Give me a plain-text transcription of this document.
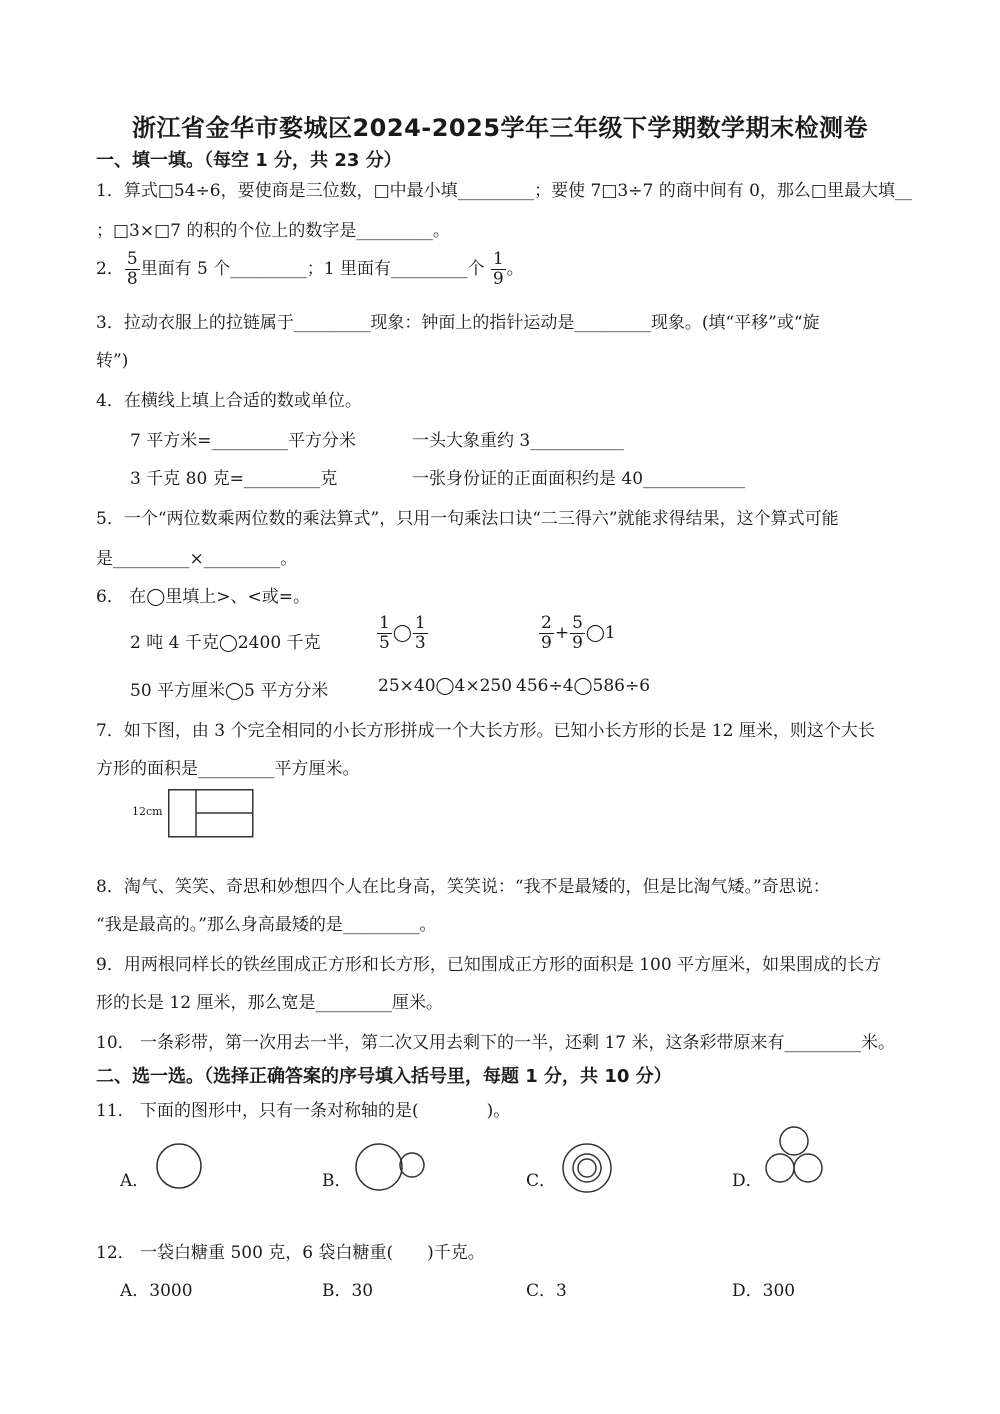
浙江省金华市婺城区2024-2025学年三年级下学期数学期末检测卷
一、填一填。（每空 1 分，共 23 分）
1．算式□54÷6，要使商是三位数，□中最小填_________；要使 7□3÷7 的商中间有 0，那么□里最大填__
；□3×□7 的积的个位上的数字是_________。
2． $\frac{5}{8}$ 里面有 5 个_________；1 里面有_________个 $\frac{1}{9}$ 。
3．拉动衣服上的拉链属于_________现象：钟面上的指针运动是_________现象。(填“平移”或“旋
转”)
4．在横线上填上合适的数或单位。
7 平方米=_________平方分米	一头大象重约 3___________
3 千克 80 克=_________克	一张身份证的正面面积约是 40____________
5．一个“两位数乘两位数的乘法算式”，只用一句乘法口诀“二三得六”就能求得结果，这个算式可能
是_________×_________。
6． 在◯里填上>、<或=。
2 吨 4 千克◯2400 千克	$\frac{1}{5}$ ◯ $\frac{1}{3}$	$\frac{2}{9} + \frac{5}{9}$ ◯1
50 平方厘米◯5 平方分米	25×40◯4×250 456÷4◯586÷6
7．如下图，由 3 个完全相同的小长方形拼成一个大长方形。已知小长方形的长是 12 厘米，则这个大长
方形的面积是_________平方厘米。
12cm
8．淘气、笑笑、奇思和妙想四个人在比身高，笑笑说：“我不是最矮的，但是比淘气矮。”奇思说：
“我是最高的。”那么身高最矮的是_________。
9．用两根同样长的铁丝围成正方形和长方形，已知围成正方形的面积是 100 平方厘米，如果围成的长方
形的长是 12 厘米，那么宽是_________厘米。
10． 一条彩带，第一次用去一半，第二次又用去剩下的一半，还剩 17 米，这条彩带原来有_________米。
二、选一选。（选择正确答案的序号填入括号里，每题 1 分，共 10 分）
11． 下面的图形中，只有一条对称轴的是(　　　　)。
A．	B．	C．	D．
12． 一袋白糖重 500 克，6 袋白糖重(　　)千克。
A．3000	B．30	C．3	D．300
